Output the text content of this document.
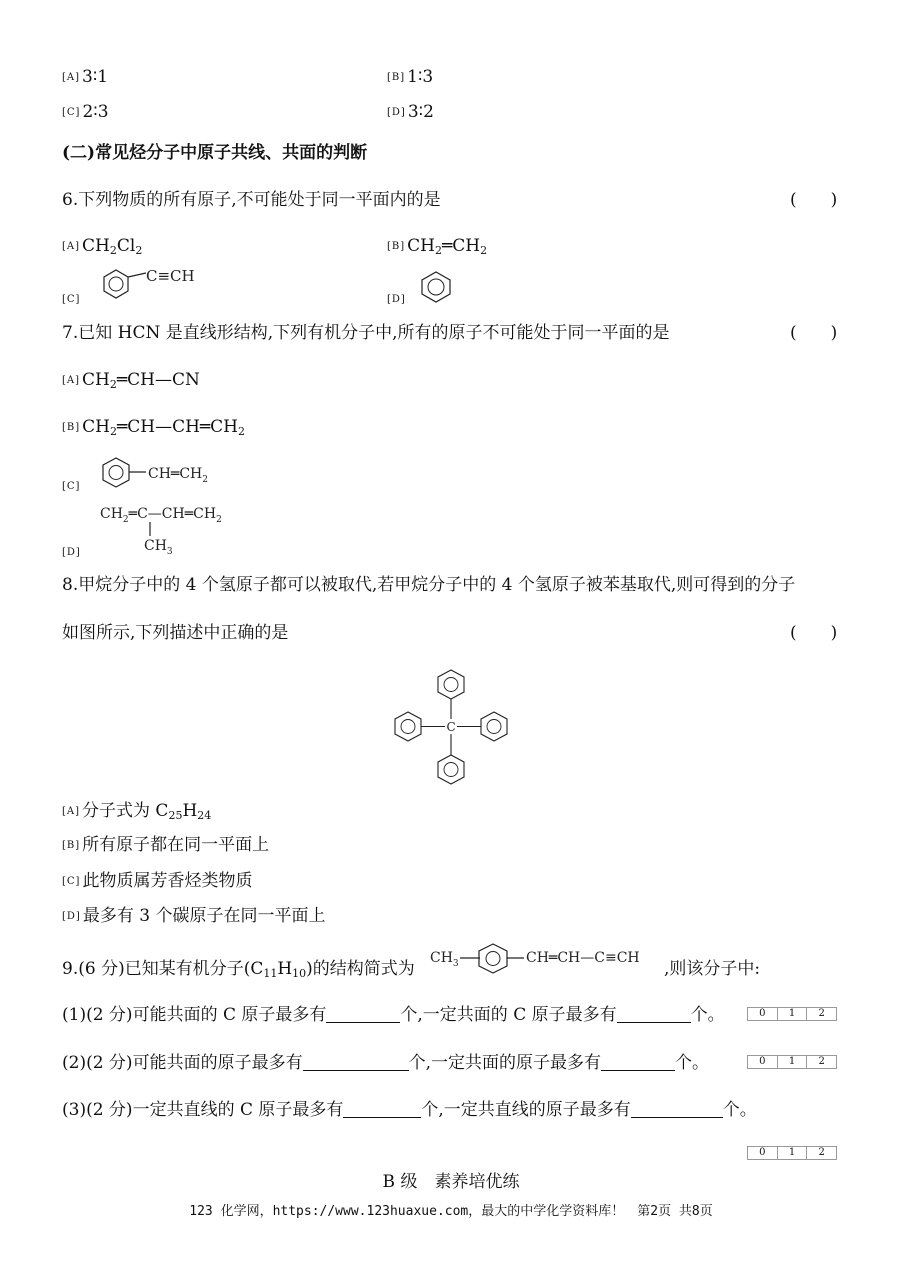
[A] 3∶1	[B] 1∶3
[C] 2∶3	[D] 3∶2
(二)常见烃分子中原子共线、共面的判断
6.下列物质的所有原子,不可能处于同一平面内的是	(　　)
[A] $CH_2Cl_2$	[B] $CH_2═CH_2$
[C]
C≡CH
[D]
7.已知 HCN 是直线形结构,下列有机分子中,所有的原子不可能处于同一平面的是	(　　)
[A] $CH_2═CH—CN$
[B] $CH_2═CH—CH═CH_2$
[C]
$CH═CH_2$
$CH_2═C—CH═CH_2$
$CH_3$
[D]
8.甲烷分子中的 4 个氢原子都可以被取代,若甲烷分子中的 4 个氢原子被苯基取代,则可得到的分子
如图所示,下列描述中正确的是	(　　)
C
[A] 分子式为 $C_{25}H_{24}$
[B] 所有原子都在同一平面上
[C] 此物质属芳香烃类物质
[D] 最多有 3 个碳原子在同一平面上
9.(6 分)已知某有机分子$(C_{11}H_{10})$的结构简式为
$CH_3$	CH═CH—C≡CH
,则该分子中:
(1)(2 分)可能共面的 C 原子最多有	个,一定共面的 C 原子最多有	个。	0	1	2
(2)(2 分)可能共面的原子最多有	个,一定共面的原子最多有	个。	0	1	2
(3)(2 分)一定共直线的 C 原子最多有	个,一定共直线的原子最多有	个。
0	1	2
B 级　素养培优练
123 化学网，https://www.123huaxue.com，最大的中学化学资料库！　第2页 共8页
